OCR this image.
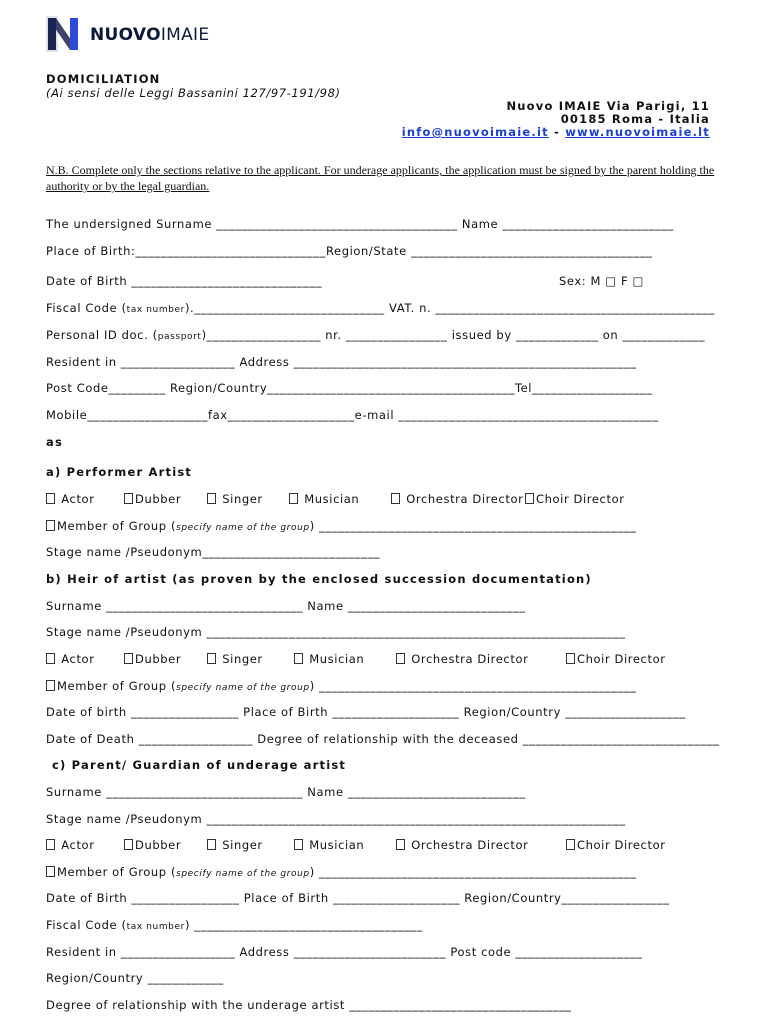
NUOVOIMAIE
DOMICILIATION
(Ai sensi delle Leggi Bassanini 127/97-191/98)
Nuovo IMAIE Via Parigi, 11
00185 Roma - Italia
info@nuovoimaie.it - www.nuovoimaie.lt
N.B. Complete only the sections relative to the applicant. For underage applicants, the application must be signed by the parent holding the authority or by the legal guardian.
The undersigned Surname ______________________________________ Name ___________________________
Place of Birth:______________________________Region/State ______________________________________
Date of Birth ______________________________	Sex: M □ F □
Fiscal Code (tax number).______________________________ VAT. n. ____________________________________________
Personal ID doc. (passport)__________________ nr. ________________ issued by _____________ on _____________
Resident in __________________ Address ______________________________________________________
Post Code_________ Region/Country_______________________________________Tel___________________
Mobile___________________fax____________________e-mail _________________________________________
as
a) Performer Artist
Actor	Dubber	Singer	Musician	Orchestra Director	Choir Director
Member of Group (specify name of the group) __________________________________________________
Stage name /Pseudonym____________________________
b) Heir of artist (as proven by the enclosed succession documentation)
Surname _______________________________ Name ____________________________
Stage name /Pseudonym __________________________________________________________________
Actor	Dubber	Singer	Musician	Orchestra Director	Choir Director
Member of Group (specify name of the group) __________________________________________________
Date of birth _________________ Place of Birth ____________________ Region/Country ___________________
Date of Death __________________ Degree of relationship with the deceased _______________________________
c) Parent/ Guardian of underage artist
Surname _______________________________ Name ____________________________
Stage name /Pseudonym __________________________________________________________________
Actor	Dubber	Singer	Musician	Orchestra Director	Choir Director
Member of Group (specify name of the group) __________________________________________________
Date of Birth _________________ Place of Birth ____________________ Region/Country_________________
Fiscal Code (tax number) ____________________________________
Resident in __________________ Address ________________________ Post code ____________________
Region/Country ____________
Degree of relationship with the underage artist ___________________________________
